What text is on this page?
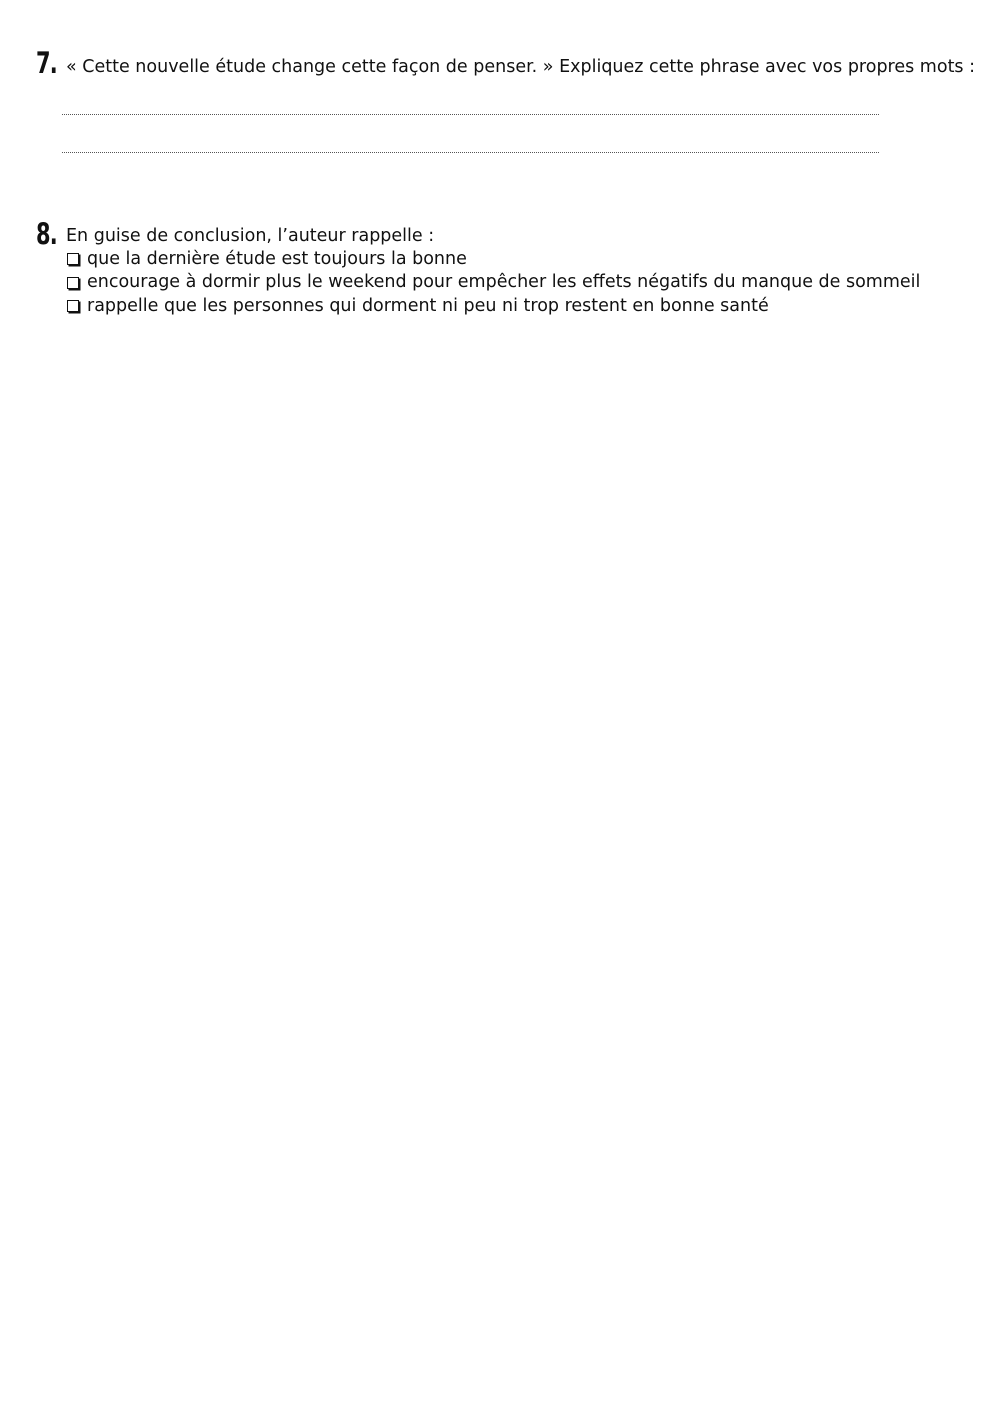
7. « Cette nouvelle étude change cette façon de penser. » Expliquez cette phrase avec vos propres mots :
8. En guise de conclusion, l’auteur rappelle :
que la dernière étude est toujours la bonne
encourage à dormir plus le weekend pour empêcher les effets négatifs du manque de sommeil
rappelle que les personnes qui dorment ni peu ni trop restent en bonne santé
